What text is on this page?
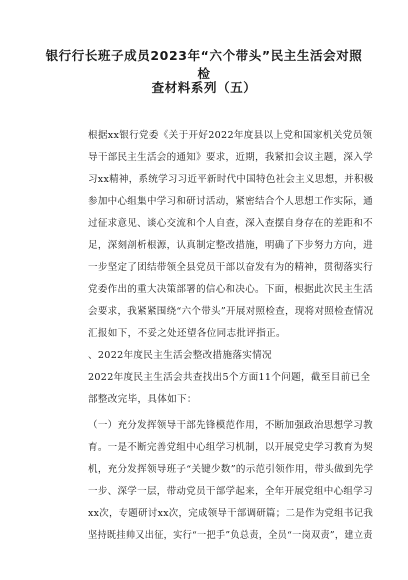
银行行长班子成员2023年“六个带头”民主生活会对照检
查材料系列（五）
根据xx银行党委《关于开好2022年度县以上党和国家机关党员领
导干部民主生活会的通知》要求，近期，我紧扣会议主题，深入学
习xx精神，系统学习习近平新时代中国特色社会主义思想，并积极
参加中心组集中学习和研讨活动，紧密结合个人思想工作实际，通
过征求意见、谈心交流和个人自查，深入查摆自身存在的差距和不
足，深刻剖析根源，认真制定整改措施，明确了下步努力方向，进
一步坚定了团结带领全县党员干部以奋发有为的精神，贯彻落实行
党委作出的重大决策部署的信心和决心。下面，根据此次民主生活
会要求，我紧紧围绕“六个带头”开展对照检查，现将对照检查情况
汇报如下，不妥之处还望各位同志批评指正。
、2022年度民主生活会整改措施落实情况
2022年度民主生活会共查找出5个方面11个问题，截至目前已全
部整改完毕，具体如下：
（一）充分发挥领导干部先锋模范作用，不断加强政治思想学习教
育。一是不断完善党组中心组学习机制，以开展党史学习教育为契
机，充分发挥领导班子“关键少数”的示范引领作用，带头做到先学
一步、深学一层，带动党员干部学起来，全年开展党组中心组学习
xx次，专题研讨xx次，完成领导干部调研篇；二是作为党组书记我
坚持既挂帅又出征，实行“一把手”负总责，全员“一岗双责”，建立责
